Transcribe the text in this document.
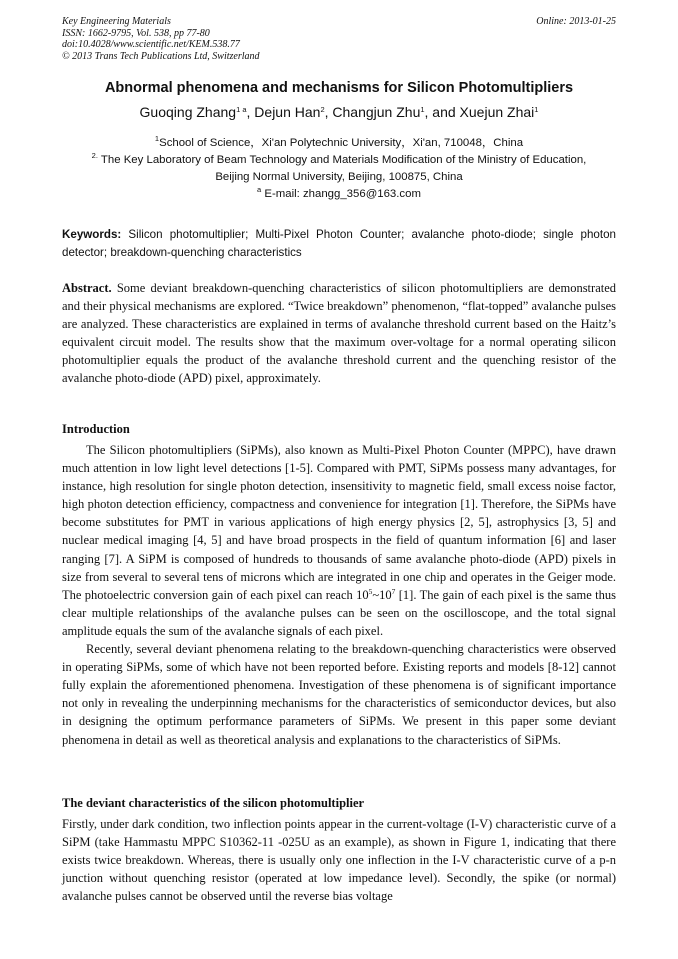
Key Engineering Materials
ISSN: 1662-9795, Vol. 538, pp 77-80
doi:10.4028/www.scientific.net/KEM.538.77
© 2013 Trans Tech Publications Ltd, Switzerland
Online: 2013-01-25
Abnormal phenomena and mechanisms for Silicon Photomultipliers
Guoqing Zhang$^{1 a}$, Dejun Han$^2$, Changjun Zhu$^1$, and Xuejun Zhai$^1$
$^1$School of Science，Xi'an Polytechnic University，Xi'an, 710048，China
$^{2.}$ The Key Laboratory of Beam Technology and Materials Modification of the Ministry of Education,
Beijing Normal University, Beijing, 100875, China
$^a$ E-mail: zhangg_356@163.com
Keywords: Silicon photomultiplier; Multi-Pixel Photon Counter; avalanche photo-diode; single photon detector; breakdown-quenching characteristics

Abstract. Some deviant breakdown-quenching characteristics of silicon photomultipliers are demonstrated and their physical mechanisms are explored. “Twice breakdown” phenomenon, “flat-topped” avalanche pulses are analyzed. These characteristics are explained in terms of avalanche threshold current based on the Haitz’s equivalent circuit model. The results show that the maximum over-voltage for a normal operating silicon photomultiplier equals the product of the avalanche threshold current and the quenching resistor of the avalanche photo-diode (APD) pixel, approximately.

Introduction

The Silicon photomultipliers (SiPMs), also known as Multi-Pixel Photon Counter (MPPC), have drawn much attention in low light level detections [1-5]. Compared with PMT, SiPMs possess many advantages, for instance, high resolution for single photon detection, insensitivity to magnetic field, small excess noise factor, high photon detection efficiency, compactness and convenience for integration [1]. Therefore, the SiPMs have become substitutes for PMT in various applications of high energy physics [2, 5], astrophysics [3, 5] and nuclear medical imaging [4, 5] and have broad prospects in the field of quantum information [6] and laser ranging [7]. A SiPM is composed of hundreds to thousands of same avalanche photo-diode (APD) pixels in size from several to several tens of microns which are integrated in one chip and operates in the Geiger mode. The photoelectric conversion gain of each pixel can reach $10^5\sim 10^7$ [1]. The gain of each pixel is the same thus clear multiple relationships of the avalanche pulses can be seen on the oscilloscope, and the total signal amplitude equals the sum of the avalanche signals of each pixel.

Recently, several deviant phenomena relating to the breakdown-quenching characteristics were observed in operating SiPMs, some of which have not been reported before. Existing reports and models [8-12] cannot fully explain the aforementioned phenomena. Investigation of these phenomena is of significant importance not only in revealing the underpinning mechanisms for the characteristics of semiconductor devices, but also in designing the optimum performance parameters of SiPMs. We present in this paper some deviant phenomena in detail as well as theoretical analysis and explanations to the characteristics of SiPMs.

The deviant characteristics of the silicon photomultiplier

Firstly, under dark condition, two inflection points appear in the current-voltage (I-V) characteristic curve of a SiPM (take Hammastu MPPC S10362-11 -025U as an example), as shown in Figure 1, indicating that there exists twice breakdown. Whereas, there is usually only one inflection in the I-V characteristic curve of a p-n junction without quenching resistor (operated at low impedance level). Secondly, the spike (or normal) avalanche pulses cannot be observed until the reverse bias voltage
